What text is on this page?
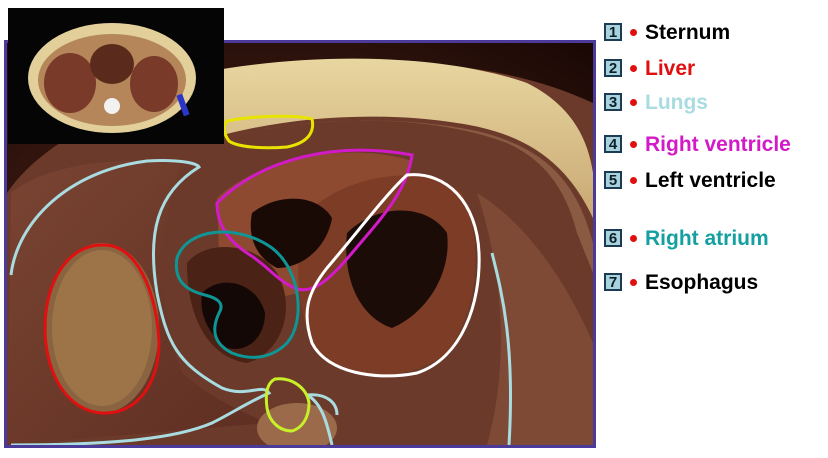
1 Sternum
2 Liver
3 Lungs
4 Right ventricle
5 Left ventricle
6 Right atrium
7 Esophagus
